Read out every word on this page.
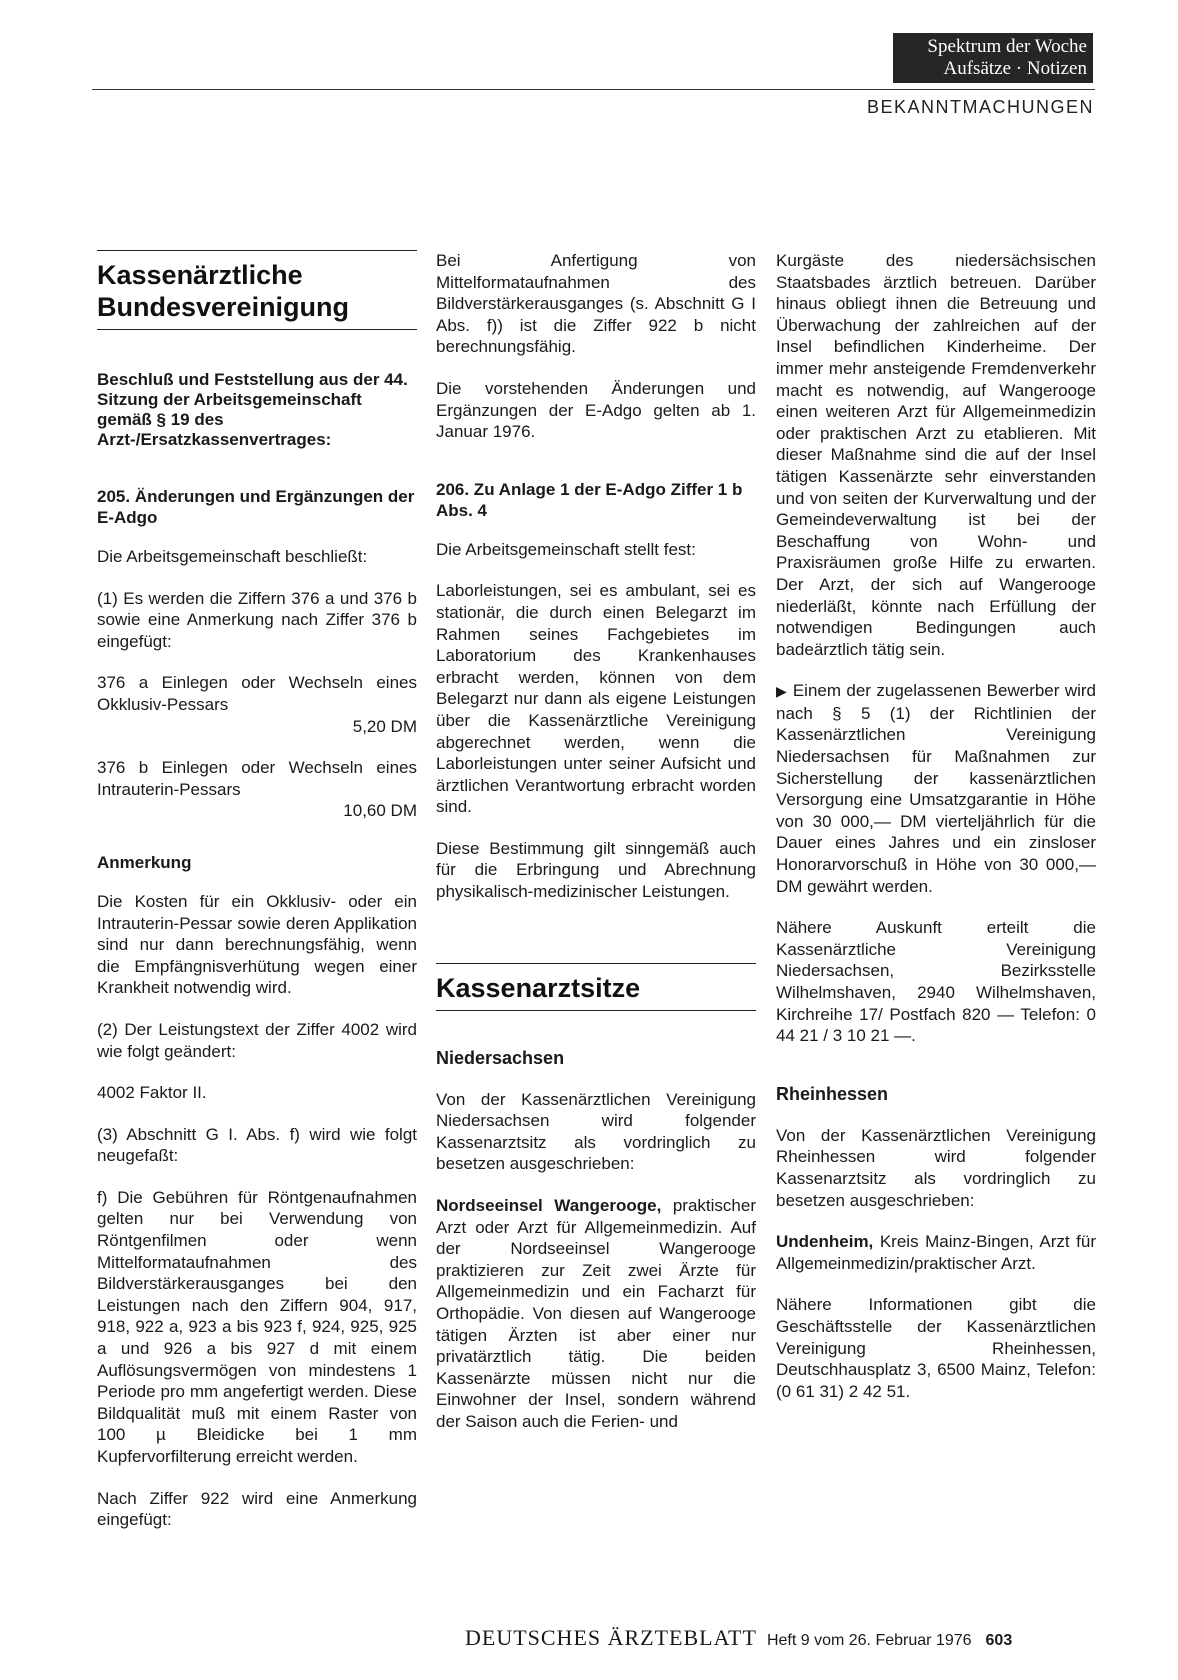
Spektrum der Woche
Aufsätze · Notizen
BEKANNTMACHUNGEN
Kassenärztliche Bundesvereinigung
Beschluß und Feststellung aus der 44. Sitzung der Arbeitsgemeinschaft gemäß § 19 des Arzt-/Ersatzkassenvertrages:
205. Änderungen und Ergänzungen der E-Adgo

Die Arbeitsgemeinschaft beschließt:

(1) Es werden die Ziffern 376 a und 376 b sowie eine Anmerkung nach Ziffer 376 b eingefügt:

376 a Einlegen oder Wechseln eines Okklusiv-Pessars
5,20 DM

376 b Einlegen oder Wechseln eines Intrauterin-Pessars
10,60 DM

Anmerkung

Die Kosten für ein Okklusiv- oder ein Intrauterin-Pessar sowie deren Applikation sind nur dann berechnungsfähig, wenn die Empfängnisverhütung wegen einer Krankheit notwendig wird.

(2) Der Leistungstext der Ziffer 4002 wird wie folgt geändert:

4002 Faktor II.

(3) Abschnitt G I. Abs. f) wird wie folgt neugefaßt:

f) Die Gebühren für Röntgenaufnahmen gelten nur bei Verwendung von Röntgenfilmen oder wenn Mittelformataufnahmen des Bildverstärkerausganges bei den Leistungen nach den Ziffern 904, 917, 918, 922 a, 923 a bis 923 f, 924, 925, 925 a und 926 a bis 927 d mit einem Auflösungsvermögen von mindestens 1 Periode pro mm angefertigt werden. Diese Bildqualität muß mit einem Raster von 100 µ Bleidicke bei 1 mm Kupfervorfilterung erreicht werden.

Nach Ziffer 922 wird eine Anmerkung eingefügt:

Bei Anfertigung von Mittelformataufnahmen des Bildverstärkerausganges (s. Abschnitt G I Abs. f)) ist die Ziffer 922 b nicht berechnungsfähig.

Die vorstehenden Änderungen und Ergänzungen der E-Adgo gelten ab 1. Januar 1976.

206. Zu Anlage 1 der E-Adgo Ziffer 1 b Abs. 4

Die Arbeitsgemeinschaft stellt fest:

Laborleistungen, sei es ambulant, sei es stationär, die durch einen Belegarzt im Rahmen seines Fachgebietes im Laboratorium des Krankenhauses erbracht werden, können von dem Belegarzt nur dann als eigene Leistungen über die Kassenärztliche Vereinigung abgerechnet werden, wenn die Laborleistungen unter seiner Aufsicht und ärztlichen Verantwortung erbracht worden sind.

Diese Bestimmung gilt sinngemäß auch für die Erbringung und Abrechnung physikalisch-medizinischer Leistungen.

Kassenarztsitze
Niedersachsen

Von der Kassenärztlichen Vereinigung Niedersachsen wird folgender Kassenarztsitz als vordringlich zu besetzen ausgeschrieben:

Nordseeinsel Wangerooge, praktischer Arzt oder Arzt für Allgemeinmedizin. Auf der Nordseeinsel Wangerooge praktizieren zur Zeit zwei Ärzte für Allgemeinmedizin und ein Facharzt für Orthopädie. Von diesen auf Wangerooge tätigen Ärzten ist aber einer nur privatärztlich tätig. Die beiden Kassenärzte müssen nicht nur die Einwohner der Insel, sondern während der Saison auch die Ferien- und

Kurgäste des niedersächsischen Staatsbades ärztlich betreuen. Darüber hinaus obliegt ihnen die Betreuung und Überwachung der zahlreichen auf der Insel befindlichen Kinderheime. Der immer mehr ansteigende Fremdenverkehr macht es notwendig, auf Wangerooge einen weiteren Arzt für Allgemeinmedizin oder praktischen Arzt zu etablieren. Mit dieser Maßnahme sind die auf der Insel tätigen Kassenärzte sehr einverstanden und von seiten der Kurverwaltung und der Gemeindeverwaltung ist bei der Beschaffung von Wohn- und Praxisräumen große Hilfe zu erwarten. Der Arzt, der sich auf Wangerooge niederläßt, könnte nach Erfüllung der notwendigen Bedingungen auch badeärztlich tätig sein.

▶ Einem der zugelassenen Bewerber wird nach § 5 (1) der Richtlinien der Kassenärztlichen Vereinigung Niedersachsen für Maßnahmen zur Sicherstellung der kassenärztlichen Versorgung eine Umsatzgarantie in Höhe von 30 000,— DM vierteljährlich für die Dauer eines Jahres und ein zinsloser Honorarvorschuß in Höhe von 30 000,— DM gewährt werden.

Nähere Auskunft erteilt die Kassenärztliche Vereinigung Niedersachsen, Bezirksstelle Wilhelmshaven, 2940 Wilhelmshaven, Kirchreihe 17/ Postfach 820 — Telefon: 0 44 21 / 3 10 21 —.

Rheinhessen

Von der Kassenärztlichen Vereinigung Rheinhessen wird folgender Kassenarztsitz als vordringlich zu besetzen ausgeschrieben:

Undenheim, Kreis Mainz-Bingen, Arzt für Allgemeinmedizin/praktischer Arzt.

Nähere Informationen gibt die Geschäftsstelle der Kassenärztlichen Vereinigung Rheinhessen, Deutschhausplatz 3, 6500 Mainz, Telefon: (0 61 31) 2 42 51.

DEUTSCHES ÄRZTEBLATT Heft 9 vom 26. Februar 1976 603
